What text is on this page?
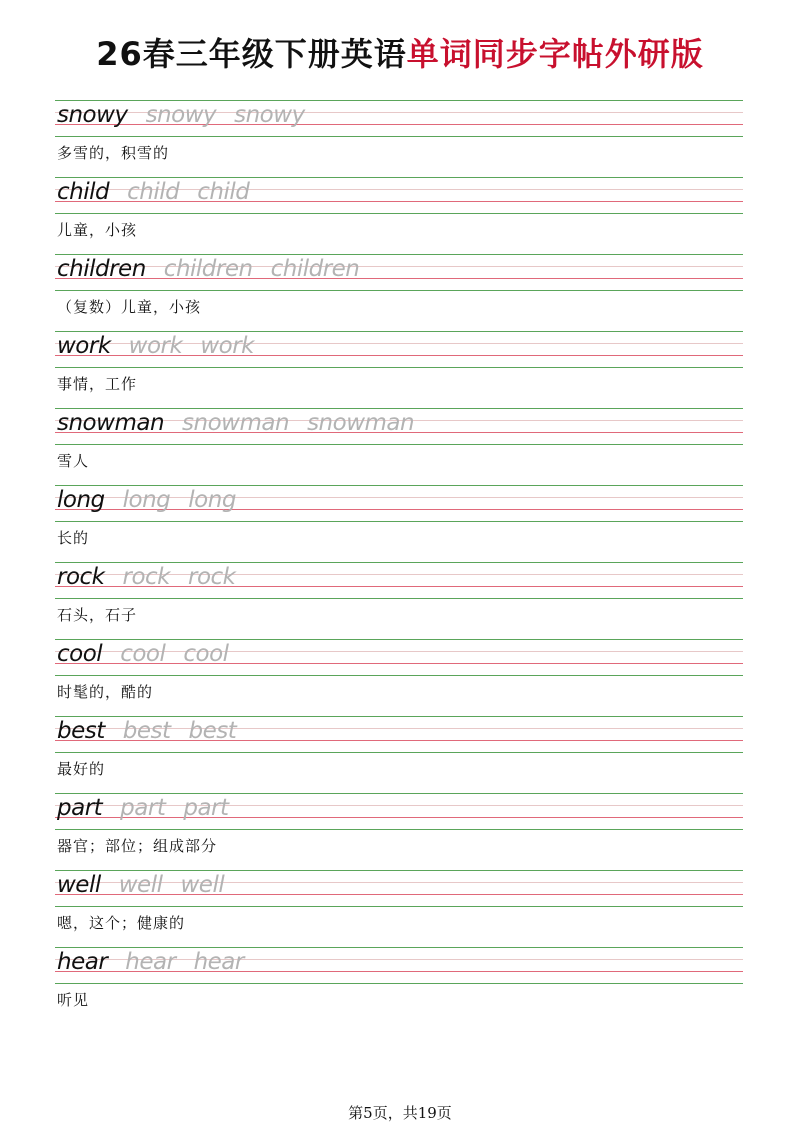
26春三年级下册英语单词同步字帖外研版
snowy snowy snowy
多雪的，积雪的
child child child
儿童，小孩
children children children
（复数）儿童，小孩
work work work
事情，工作
snowman snowman snowman
雪人
long long long
长的
rock rock rock
石头，石子
cool cool cool
时髦的，酷的
best best best
最好的
part part part
器官；部位；组成部分
well well well
嗯，这个；健康的
hear hear hear
听见
第5页，共19页
